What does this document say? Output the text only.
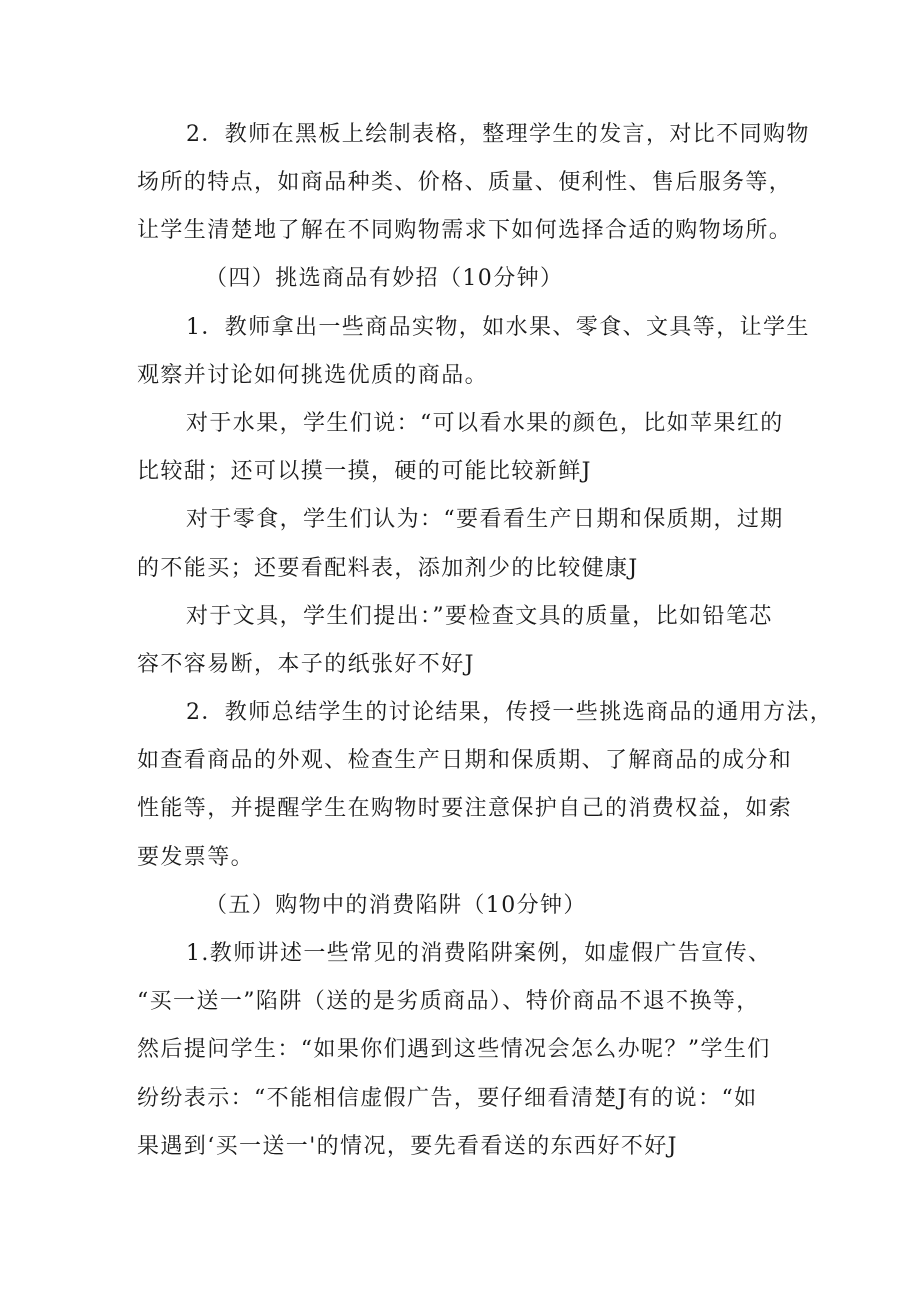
2．教师在黑板上绘制表格，整理学生的发言，对比不同购物
场所的特点，如商品种类、价格、质量、便利性、售后服务等，
让学生清楚地了解在不同购物需求下如何选择合适的购物场所。
（四）挑选商品有妙招（10分钟）
1．教师拿出一些商品实物，如水果、零食、文具等，让学生
观察并讨论如何挑选优质的商品。
对于水果，学生们说：“可以看水果的颜色，比如苹果红的
比较甜；还可以摸一摸，硬的可能比较新鲜J
对于零食，学生们认为：“要看看生产日期和保质期，过期
的不能买；还要看配料表，添加剂少的比较健康J
对于文具，学生们提出：”要检查文具的质量，比如铅笔芯
容不容易断，本子的纸张好不好J
2．教师总结学生的讨论结果，传授一些挑选商品的通用方法，
如查看商品的外观、检查生产日期和保质期、了解商品的成分和
性能等，并提醒学生在购物时要注意保护自己的消费权益，如索
要发票等。
（五）购物中的消费陷阱（10分钟）
1.教师讲述一些常见的消费陷阱案例，如虚假广告宣传、
“买一送一”陷阱（送的是劣质商品）、特价商品不退不换等，
然后提问学生：“如果你们遇到这些情况会怎么办呢？”学生们
纷纷表示：“不能相信虚假广告，要仔细看清楚J有的说：“如
果遇到‘买一送一'的情况，要先看看送的东西好不好J
